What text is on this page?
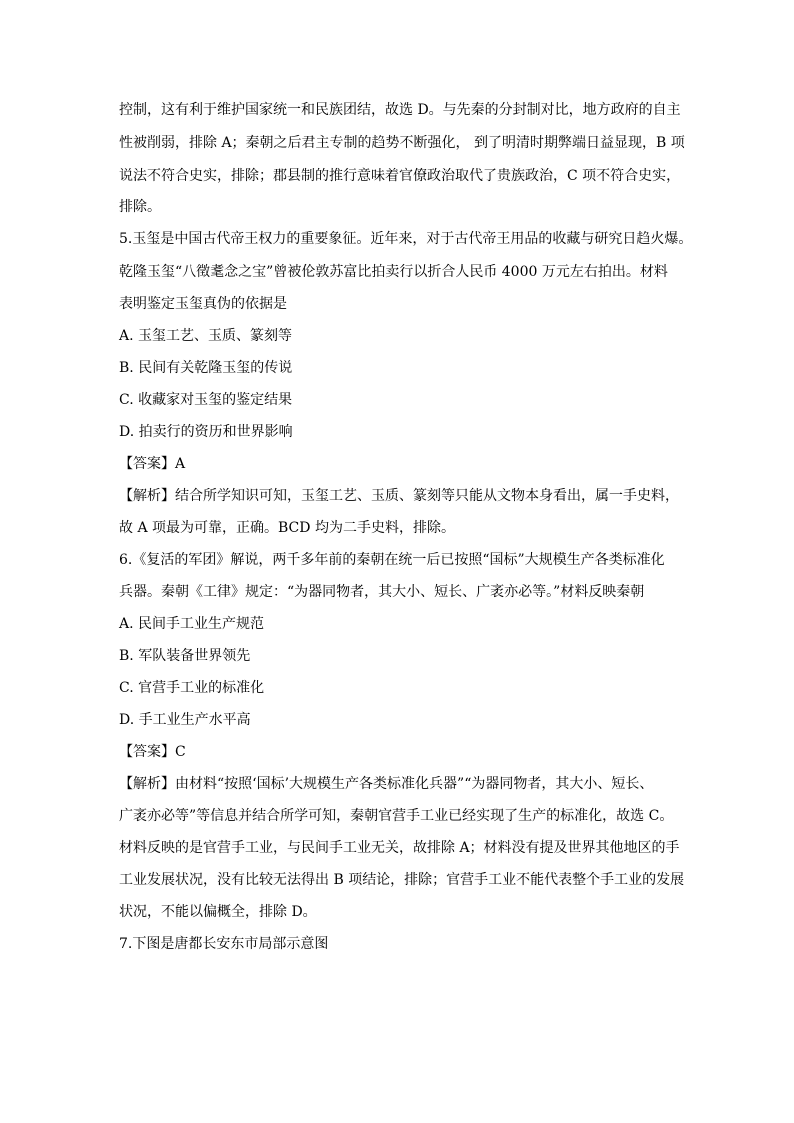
控制，这有利于维护国家统一和民族团结，故选 D。与先秦的分封制对比，地方政府的自主
性被削弱，排除 A；秦朝之后君主专制的趋势不断强化， 到了明清时期弊端日益显现，B 项
说法不符合史实，排除；郡县制的推行意味着官僚政治取代了贵族政治，C 项不符合史实，
排除。
5.玉玺是中国古代帝王权力的重要象征。近年来，对于古代帝王用品的收藏与研究日趋火爆。
乾隆玉玺“八徵耄念之宝”曾被伦敦苏富比拍卖行以折合人民币 4000 万元左右拍出。材料
表明鉴定玉玺真伪的依据是
A. 玉玺工艺、玉质、篆刻等
B. 民间有关乾隆玉玺的传说
C. 收藏家对玉玺的鉴定结果
D. 拍卖行的资历和世界影响
【答案】A
【解析】结合所学知识可知，玉玺工艺、玉质、篆刻等只能从文物本身看出，属一手史料，
故 A 项最为可靠，正确。BCD 均为二手史料，排除。
6.《复活的军团》解说，两千多年前的秦朝在统一后已按照“国标”大规模生产各类标准化
兵器。秦朝《工律》规定：“为器同物者，其大小、短长、广袤亦必等。”材料反映秦朝
A. 民间手工业生产规范
B. 军队装备世界领先
C. 官营手工业的标准化
D. 手工业生产水平高
【答案】C
【解析】由材料“按照‘国标’大规模生产各类标准化兵器”“为器同物者，其大小、短长、
广袤亦必等”等信息并结合所学可知，秦朝官营手工业已经实现了生产的标准化，故选 C。
材料反映的是官营手工业，与民间手工业无关，故排除 A；材料没有提及世界其他地区的手
工业发展状况，没有比较无法得出 B 项结论，排除；官营手工业不能代表整个手工业的发展
状况，不能以偏概全，排除 D。
7.下图是唐都长安东市局部示意图
